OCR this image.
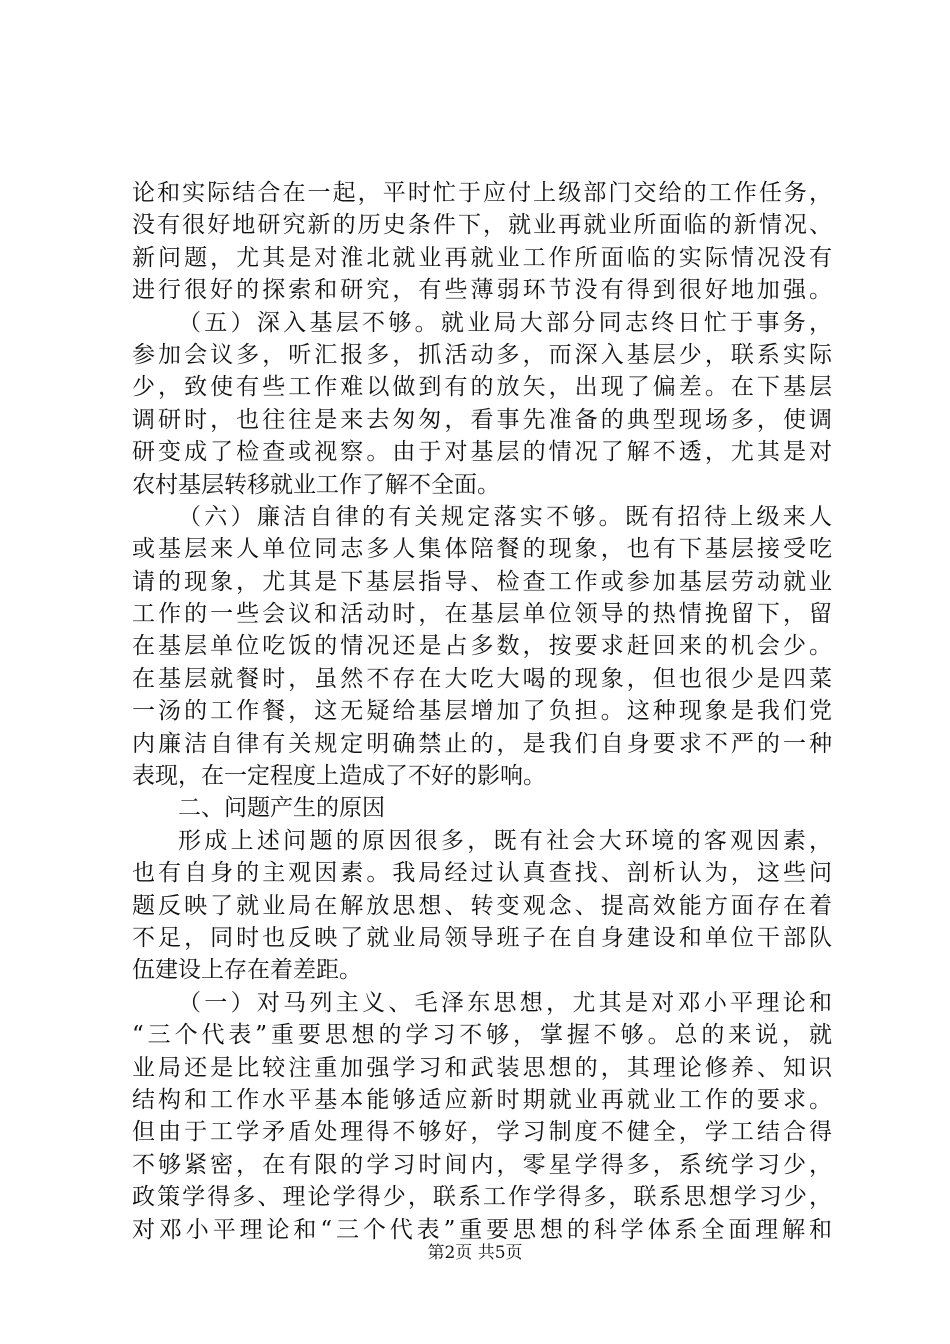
论和实际结合在一起，平时忙于应付上级部门交给的工作任务，
没有很好地研究新的历史条件下，就业再就业所面临的新情况、
新问题，尤其是对淮北就业再就业工作所面临的实际情况没有
进行很好的探索和研究，有些薄弱环节没有得到很好地加强。
（五）深入基层不够。就业局大部分同志终日忙于事务，
参加会议多，听汇报多，抓活动多，而深入基层少，联系实际
少，致使有些工作难以做到有的放矢，出现了偏差。在下基层
调研时，也往往是来去匆匆，看事先准备的典型现场多，使调
研变成了检查或视察。由于对基层的情况了解不透，尤其是对
农村基层转移就业工作了解不全面。
（六）廉洁自律的有关规定落实不够。既有招待上级来人
或基层来人单位同志多人集体陪餐的现象，也有下基层接受吃
请的现象，尤其是下基层指导、检查工作或参加基层劳动就业
工作的一些会议和活动时，在基层单位领导的热情挽留下，留
在基层单位吃饭的情况还是占多数，按要求赶回来的机会少。
在基层就餐时，虽然不存在大吃大喝的现象，但也很少是四菜
一汤的工作餐，这无疑给基层增加了负担。这种现象是我们党
内廉洁自律有关规定明确禁止的，是我们自身要求不严的一种
表现，在一定程度上造成了不好的影响。
二、问题产生的原因
形成上述问题的原因很多，既有社会大环境的客观因素，
也有自身的主观因素。我局经过认真查找、剖析认为，这些问
题反映了就业局在解放思想、转变观念、提高效能方面存在着
不足，同时也反映了就业局领导班子在自身建设和单位干部队
伍建设上存在着差距。
（一）对马列主义、毛泽东思想，尤其是对邓小平理论和
“三个代表”重要思想的学习不够，掌握不够。总的来说，就
业局还是比较注重加强学习和武装思想的，其理论修养、知识
结构和工作水平基本能够适应新时期就业再就业工作的要求。
但由于工学矛盾处理得不够好，学习制度不健全，学工结合得
不够紧密，在有限的学习时间内，零星学得多，系统学习少，
政策学得多、理论学得少，联系工作学得多，联系思想学习少，
对邓小平理论和“三个代表”重要思想的科学体系全面理解和
第2页 共5页
